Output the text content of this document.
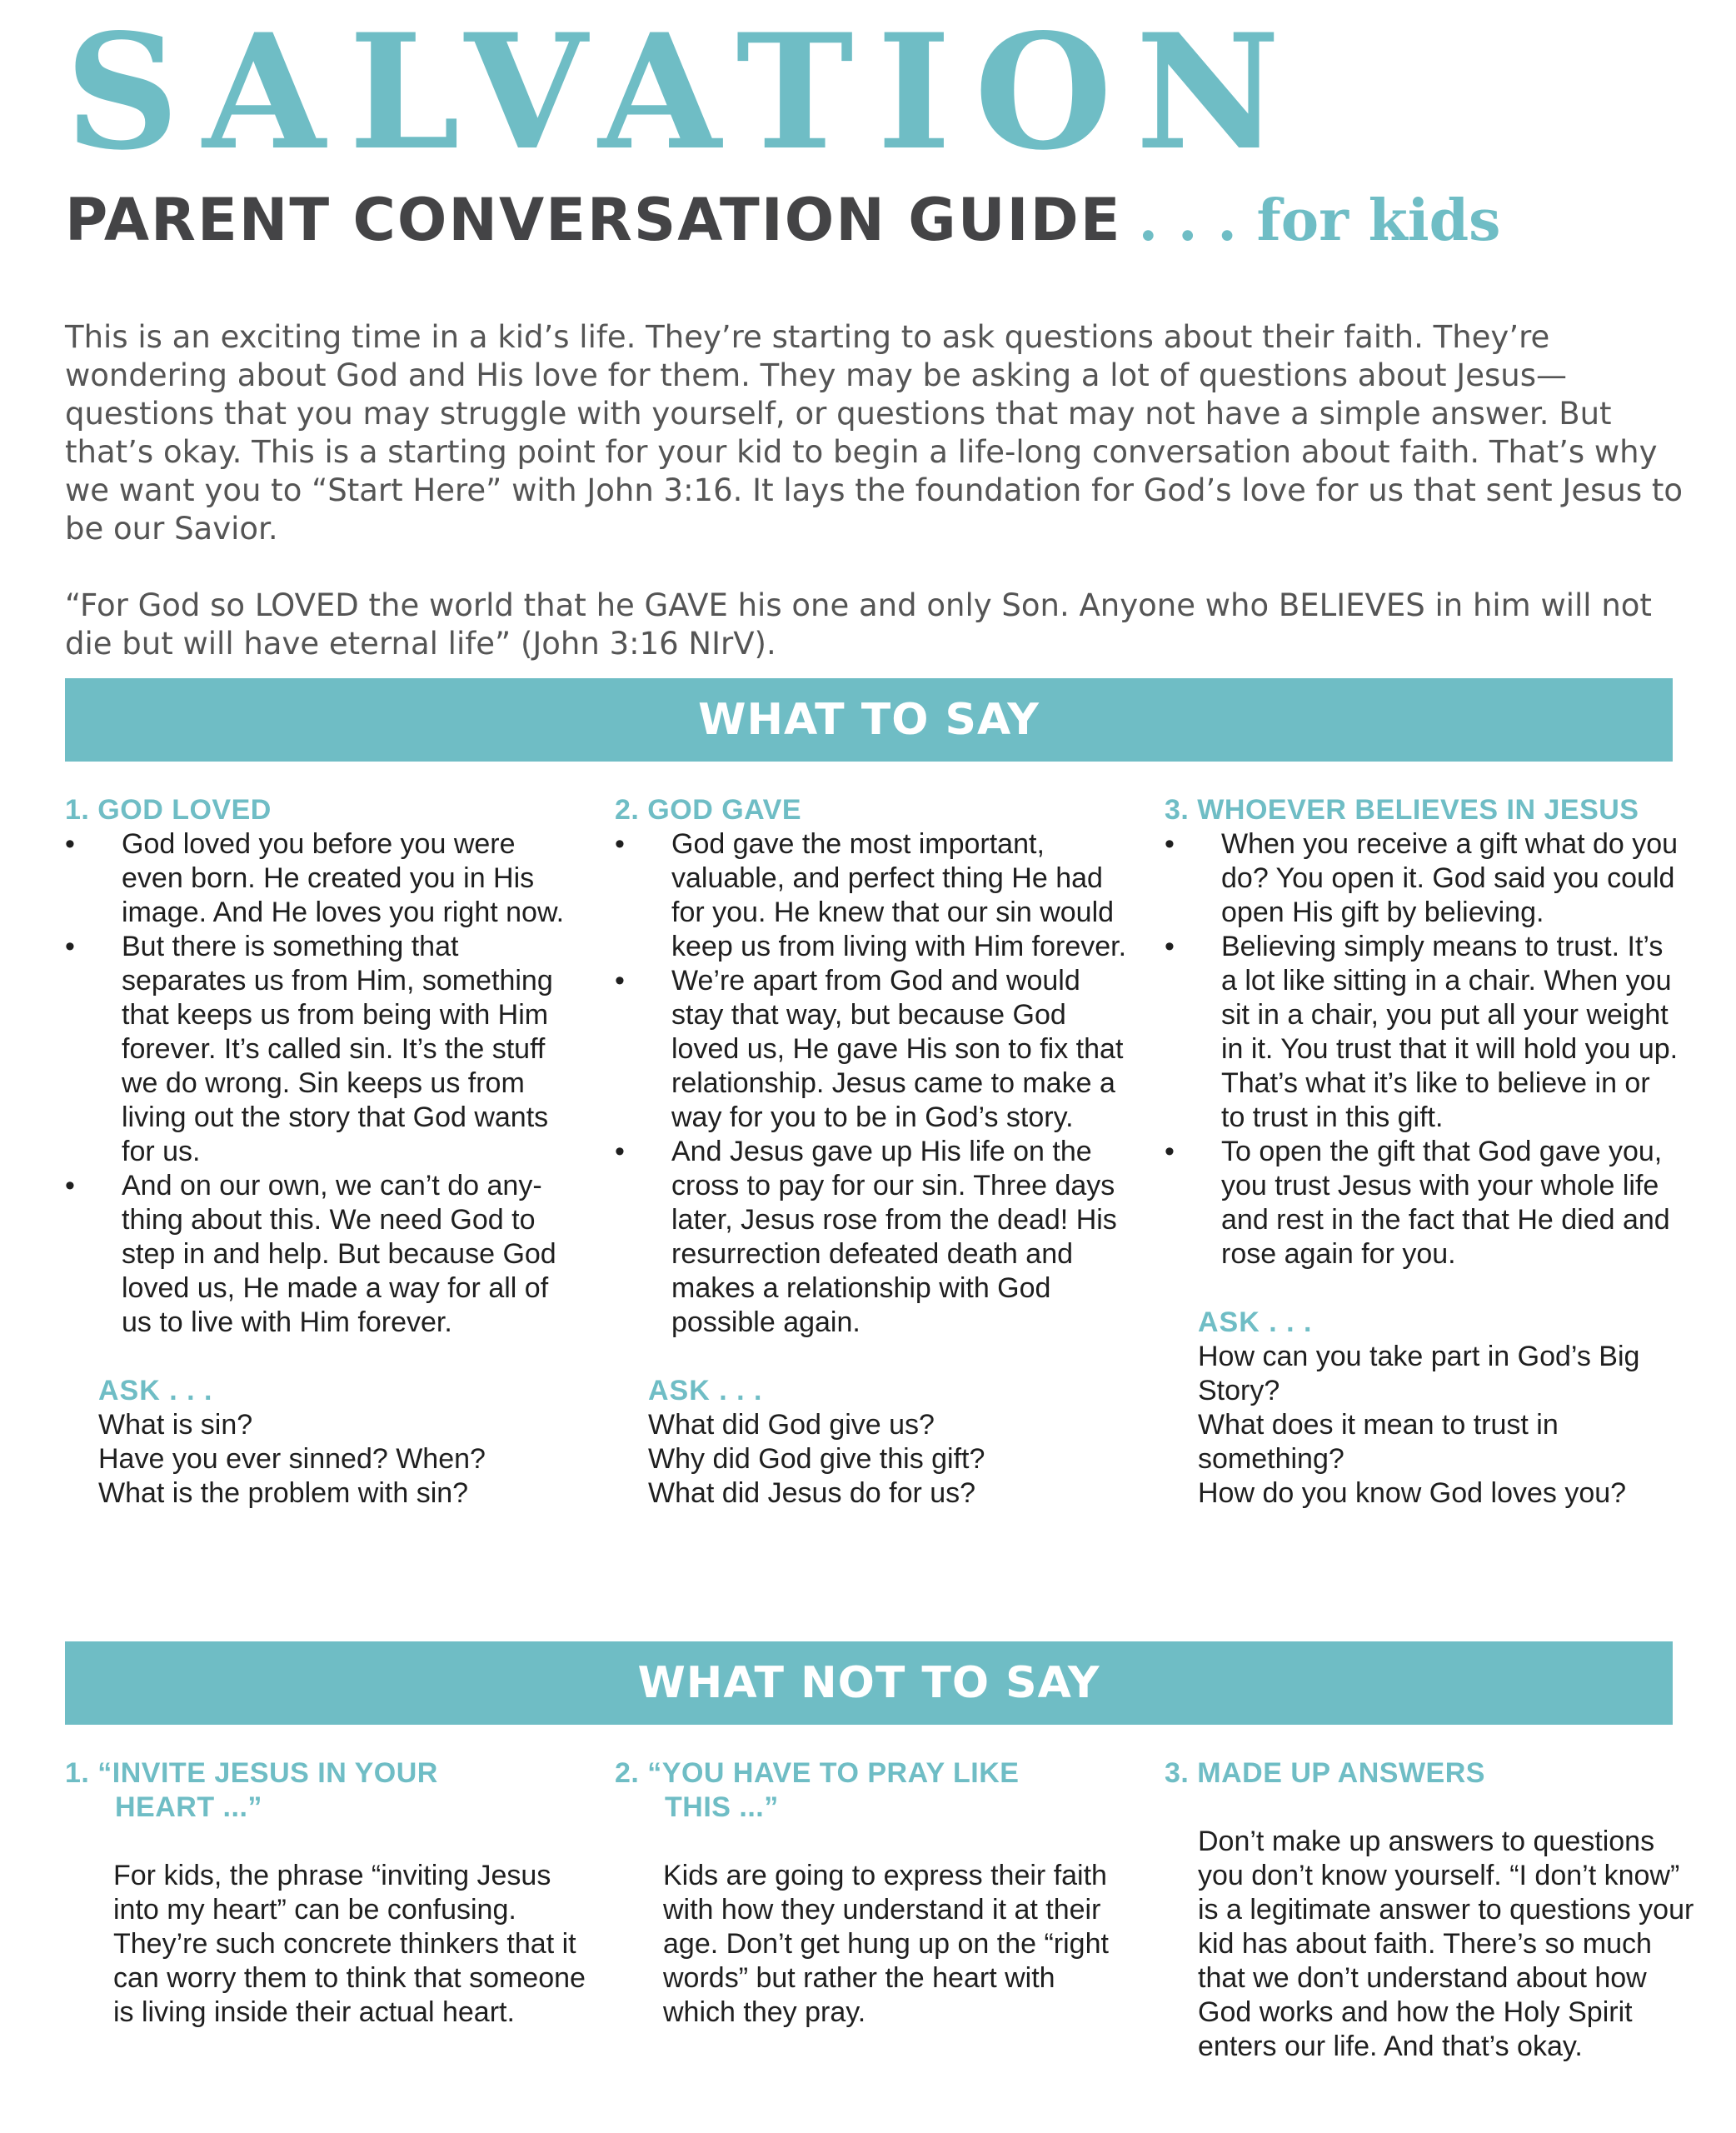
SALVATION
PARENT CONVERSATION GUIDE . . . for kids

This is an exciting time in a kid’s life. They’re starting to ask questions about their faith. They’re wondering about God and His love for them. They may be asking a lot of questions about Jesus—questions that you may struggle with yourself, or questions that may not have a simple answer. But that’s okay. This is a starting point for your kid to begin a life-long conversation about faith. That’s why we want you to “Start Here” with John 3:16. It lays the foundation for God’s love for us that sent Jesus to be our Savior.

“For God so LOVED the world that he GAVE his one and only Son. Anyone who BELIEVES in him will not die but will have eternal life” (John 3:16 NIrV).

WHAT TO SAY
1. GOD LOVED
• God loved you before you were even born. He created you in His image. And He loves you right now.
• But there is something that separates us from Him, something that keeps us from being with Him forever. It’s called sin. It’s the stuff we do wrong. Sin keeps us from living out the story that God wants for us.
• And on our own, we can’t do any-thing about this. We need God to step in and help. But because God loved us, He made a way for all of us to live with Him forever.
ASK . . .
What is sin?
Have you ever sinned? When?
What is the problem with sin?
2. GOD GAVE
• God gave the most important, valuable, and perfect thing He had for you. He knew that our sin would keep us from living with Him forever.
• We’re apart from God and would stay that way, but because God loved us, He gave His son to fix that relationship. Jesus came to make a way for you to be in God’s story.
• And Jesus gave up His life on the cross to pay for our sin. Three days later, Jesus rose from the dead! His resurrection defeated death and makes a relationship with God possible again.
ASK . . .
What did God give us?
Why did God give this gift?
What did Jesus do for us?
3. WHOEVER BELIEVES IN JESUS
• When you receive a gift what do you do? You open it. God said you could open His gift by believing.
• Believing simply means to trust. It’s a lot like sitting in a chair. When you sit in a chair, you put all your weight in it. You trust that it will hold you up. That’s what it’s like to believe in or to trust in this gift.
• To open the gift that God gave you, you trust Jesus with your whole life and rest in the fact that He died and rose again for you.
ASK . . .
How can you take part in God’s Big Story?
What does it mean to trust in something?
How do you know God loves you?
WHAT NOT TO SAY
1. “INVITE JESUS IN YOUR
HEART ...”
For kids, the phrase “inviting Jesus into my heart” can be confusing. They’re such concrete thinkers that it can worry them to think that someone is living inside their actual heart.
2. “YOU HAVE TO PRAY LIKE
THIS ...”
Kids are going to express their faith with how they understand it at their age. Don’t get hung up on the “right words” but rather the heart with which they pray.
3. MADE UP ANSWERS
Don’t make up answers to questions you don’t know yourself. “I don’t know” is a legitimate answer to questions your kid has about faith. There’s so much that we don’t understand about how God works and how the Holy Spirit enters our life. And that’s okay.
